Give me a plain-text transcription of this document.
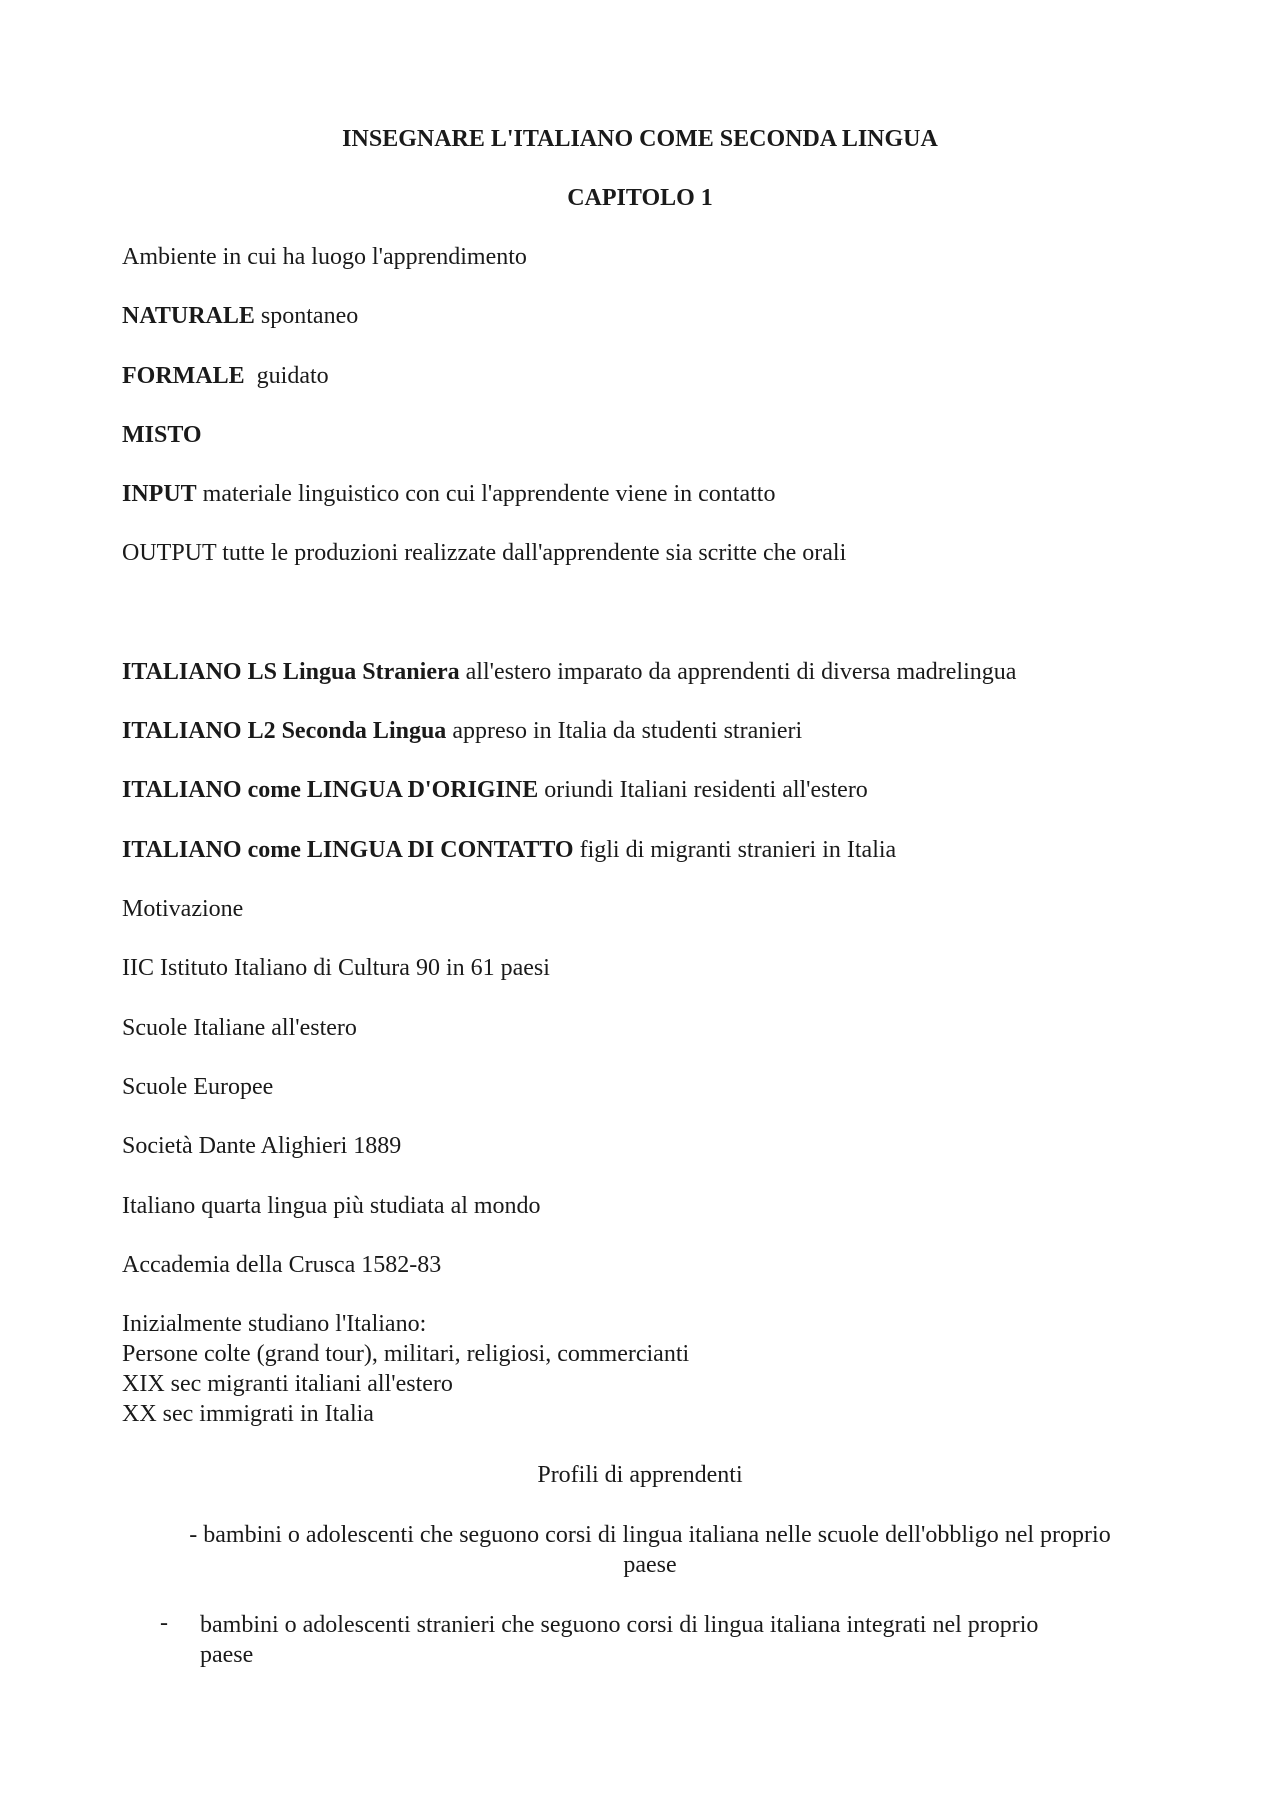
INSEGNARE L'ITALIANO COME SECONDA LINGUA
CAPITOLO 1
Ambiente in cui ha luogo l'apprendimento
NATURALE spontaneo
FORMALE  guidato
MISTO
INPUT materiale linguistico con cui l'apprendente viene in contatto
OUTPUT tutte le produzioni realizzate dall'apprendente sia scritte che orali
ITALIANO LS Lingua Straniera all'estero imparato da apprendenti di diversa madrelingua
ITALIANO L2 Seconda Lingua appreso in Italia da studenti stranieri
ITALIANO come LINGUA D'ORIGINE oriundi Italiani residenti all'estero
ITALIANO come LINGUA DI CONTATTO figli di migranti stranieri in Italia
Motivazione
IIC Istituto Italiano di Cultura 90 in 61 paesi
Scuole Italiane all'estero
Scuole Europee
Società Dante Alighieri 1889
Italiano quarta lingua più studiata al mondo
Accademia della Crusca 1582-83
Inizialmente studiano l'Italiano:
Persone colte (grand tour), militari, religiosi, commercianti
XIX sec migranti italiani all'estero
XX sec immigrati in Italia
Profili di apprendenti
- bambini o adolescenti che seguono corsi di lingua italiana nelle scuole dell'obbligo nel proprio
paese
- bambini o adolescenti stranieri che seguono corsi di lingua italiana integrati nel proprio
paese
